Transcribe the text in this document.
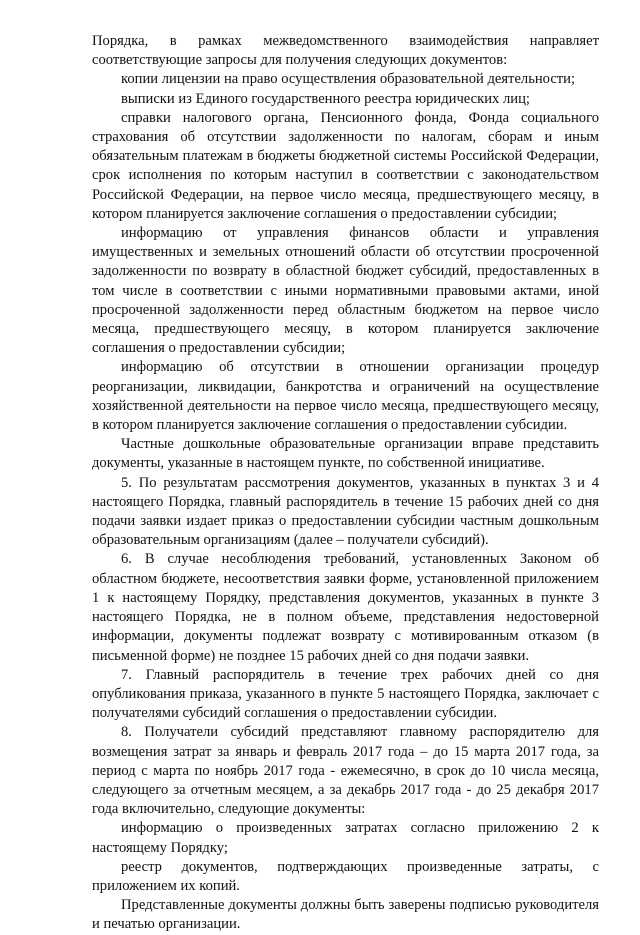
Порядка, в рамках межведомственного взаимодействия направляет соответствующие запросы для получения следующих документов:

копии лицензии на право осуществления образовательной деятельности;

выписки из Единого государственного реестра юридических лиц;

справки налогового органа, Пенсионного фонда, Фонда социального страхования об отсутствии задолженности по налогам, сборам и иным обязательным платежам в бюджеты бюджетной системы Российской Федерации, срок исполнения по которым наступил в соответствии с законодательством Российской Федерации, на первое число месяца, предшествующего месяцу, в котором планируется заключение соглашения о предоставлении субсидии;

информацию от управления финансов области и управления имущественных и земельных отношений области об отсутствии просроченной задолженности по возврату в областной бюджет субсидий, предоставленных в том числе в соответствии с иными нормативными правовыми актами, иной просроченной задолженности перед областным бюджетом на первое число месяца, предшествующего месяцу, в котором планируется заключение соглашения о предоставлении субсидии;

информацию об отсутствии в отношении организации процедур реорганизации, ликвидации, банкротства и ограничений на осуществление хозяйственной деятельности на первое число месяца, предшествующего месяцу, в котором планируется заключение соглашения о предоставлении субсидии.

Частные дошкольные образовательные организации вправе представить документы, указанные в настоящем пункте, по собственной инициативе.

5. По результатам рассмотрения документов, указанных в пунктах 3 и 4 настоящего Порядка, главный распорядитель в течение 15 рабочих дней со дня подачи заявки издает приказ о предоставлении субсидии частным дошкольным образовательным организациям (далее – получатели субсидий).

6. В случае несоблюдения требований, установленных Законом об областном бюджете, несоответствия заявки форме, установленной приложением 1 к настоящему Порядку, представления документов, указанных в пункте 3 настоящего Порядка, не в полном объеме, представления недостоверной информации, документы подлежат возврату с мотивированным отказом (в письменной форме) не позднее 15 рабочих дней со дня подачи заявки.

7. Главный распорядитель в течение трех рабочих дней со дня опубликования приказа, указанного в пункте 5 настоящего Порядка, заключает с получателями субсидий соглашения о предоставлении субсидии.

8. Получатели субсидий представляют главному распорядителю для возмещения затрат за январь и февраль 2017 года – до 15 марта 2017 года, за период с марта по ноябрь 2017 года - ежемесячно, в срок до 10 числа месяца, следующего за отчетным месяцем, а за декабрь 2017 года - до 25 декабря 2017 года включительно, следующие документы:

информацию о произведенных затратах согласно приложению 2 к настоящему Порядку;

реестр документов, подтверждающих произведенные затраты, с приложением их копий.

Представленные документы должны быть заверены подписью руководителя и печатью организации.
